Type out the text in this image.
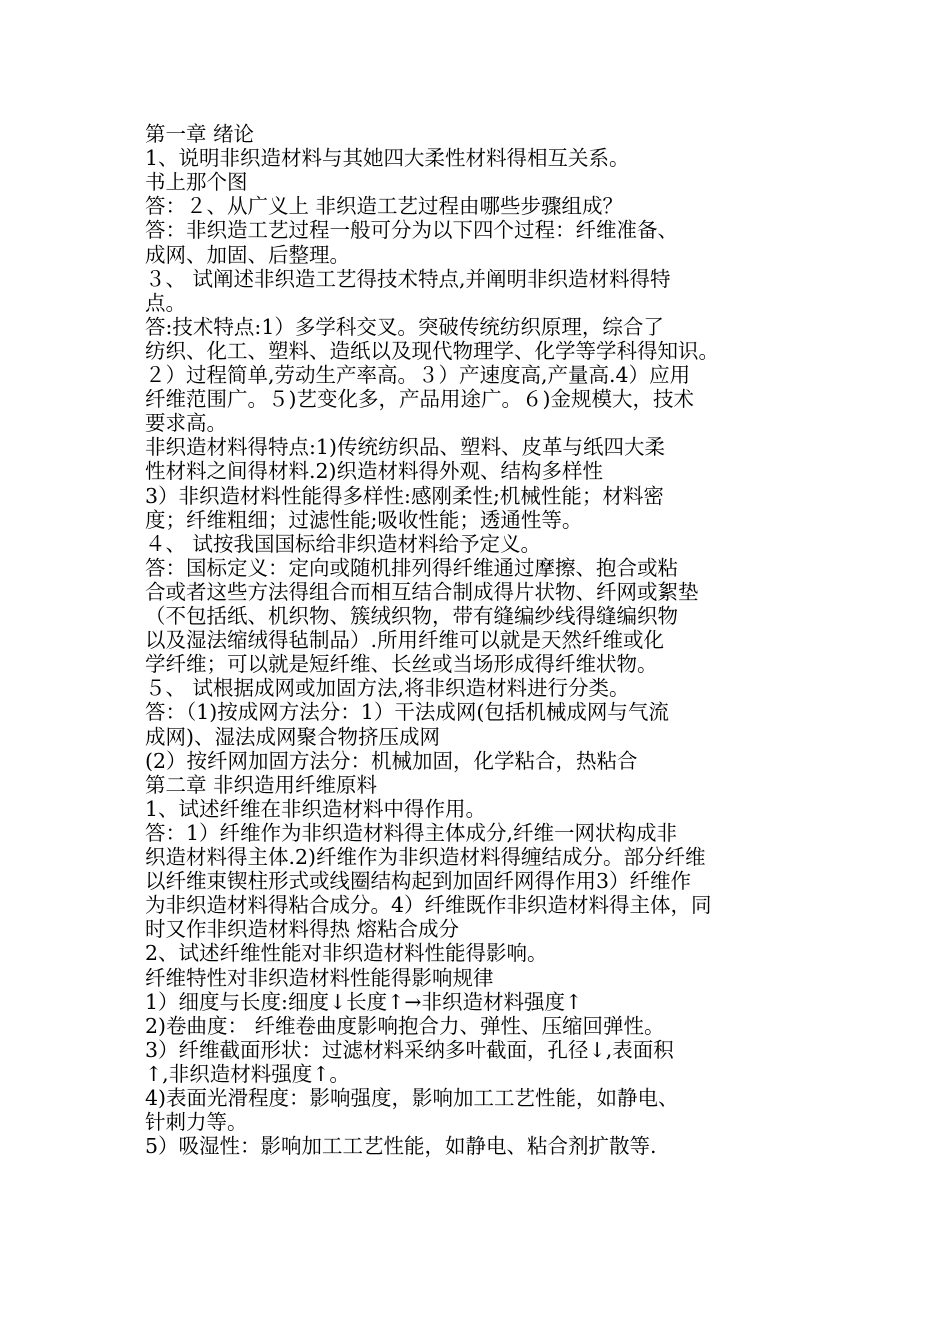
第一章 绪论
1、说明非织造材料与其她四大柔性材料得相互关系。
书上那个图
答：２、从广义上 非织造工艺过程由哪些步骤组成？
答：非织造工艺过程一般可分为以下四个过程：纤维准备、
成网、加固、后整理。
３、 试阐述非织造工艺得技术特点,并阐明非织造材料得特
点。
答:技术特点:1）多学科交叉。突破传统纺织原理，综合了
纺织、化工、塑料、造纸以及现代物理学、化学等学科得知识。
２）过程简单,劳动生产率高。３）产速度高,产量高.4）应用
纤维范围广。５)艺变化多，产品用途广。６)金规模大，技术
要求高。
非织造材料得特点:1)传统纺织品、塑料、皮革与纸四大柔
性材料之间得材料.2)织造材料得外观、结构多样性
3）非织造材料性能得多样性:感刚柔性;机械性能；材料密
度；纤维粗细；过滤性能;吸收性能；透通性等。
４、 试按我国国标给非织造材料给予定义。
答：国标定义：定向或随机排列得纤维通过摩擦、抱合或粘
合或者这些方法得组合而相互结合制成得片状物、纤网或絮垫
（不包括纸、机织物、簇绒织物，带有缝编纱线得缝编织物
以及湿法缩绒得毡制品）.所用纤维可以就是天然纤维或化
学纤维；可以就是短纤维、长丝或当场形成得纤维状物。
５、 试根据成网或加固方法,将非织造材料进行分类。
答：（1)按成网方法分：1）干法成网(包括机械成网与气流
成网)、湿法成网聚合物挤压成网
(2）按纤网加固方法分：机械加固，化学粘合，热粘合
第二章 非织造用纤维原料
1、试述纤维在非织造材料中得作用。
答：1）纤维作为非织造材料得主体成分,纤维一网状构成非
织造材料得主体.2)纤维作为非织造材料得缠结成分。部分纤维
以纤维束锲柱形式或线圈结构起到加固纤网得作用3）纤维作
为非织造材料得粘合成分。4）纤维既作非织造材料得主体，同
时又作非织造材料得热 熔粘合成分
2、试述纤维性能对非织造材料性能得影响。
纤维特性对非织造材料性能得影响规律
1）细度与长度:细度↓长度↑→非织造材料强度↑
2)卷曲度： 纤维卷曲度影响抱合力、弹性、压缩回弹性。
3）纤维截面形状：过滤材料采纳多叶截面，孔径↓,表面积
↑,非织造材料强度↑。
4)表面光滑程度：影响强度，影响加工工艺性能，如静电、
针刺力等。
5）吸湿性：影响加工工艺性能，如静电、粘合剂扩散等.
